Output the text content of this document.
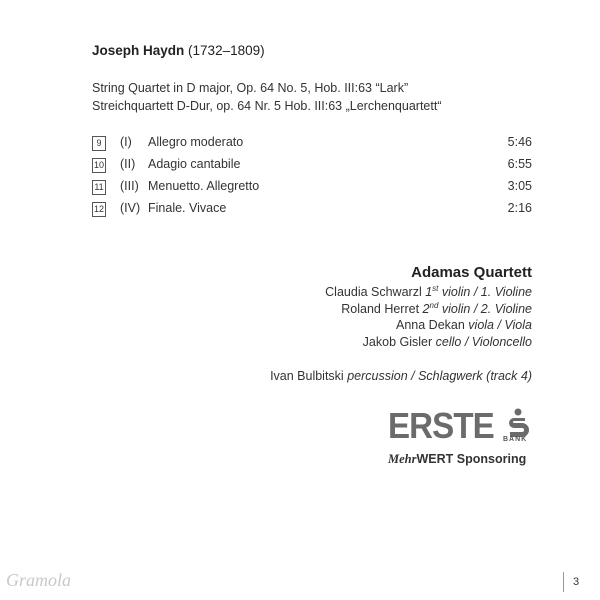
Joseph Haydn (1732–1809)
String Quartet in D major, Op. 64 No. 5, Hob. III:63 “Lark”
Streichquartett D-Dur, op. 64 Nr. 5 Hob. III:63 „Lerchenquartett“
9	(I) Allegro moderato	5:46
10 (II) Adagio cantabile	6:55
11 (III) Menuetto. Allegretto	3:05
12 (IV) Finale. Vivace	2:16
Adamas Quartett
Claudia Schwarzl 1st violin / 1. Violine
Roland Herret 2nd violin / 2. Violine
Anna Dekan viola / Viola
Jakob Gisler cello / Violoncello
Ivan Bulbitski percussion / Schlagwerk (track 4)
ERSTE BANK
MehrWERT Sponsoring
Gramola	3
